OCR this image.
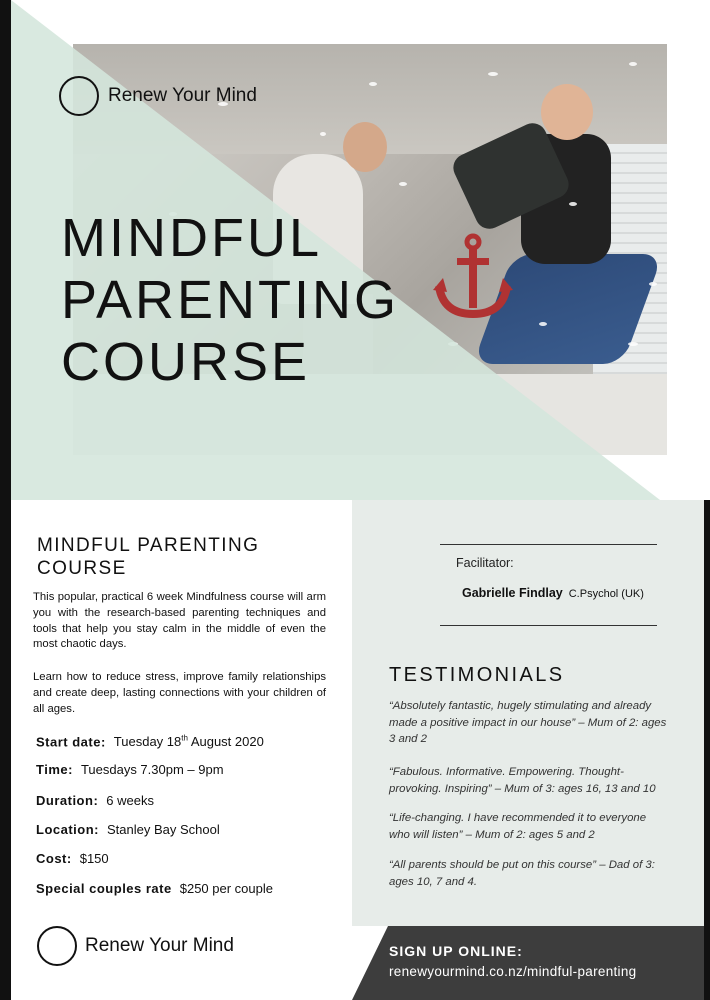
Renew Your Mind
MINDFUL
PARENTING
COURSE
MINDFUL PARENTING
COURSE
This popular, practical 6 week Mindfulness course will arm you with the research-based parenting techniques and tools that help you stay calm in the middle of even the most chaotic days.
Learn how to reduce stress, improve family relationships and create deep, lasting connections with your children of all ages.
Start date: Tuesday 18th August 2020
Time: Tuesdays 7.30pm – 9pm
Duration: 6 weeks
Location: Stanley Bay School
Cost: $150
Special couples rate $250 per couple
Renew Your Mind
Facilitator:
Gabrielle Findlay C.Psychol (UK)
TESTIMONIALS
“Absolutely fantastic, hugely stimulating and already made a positive impact in our house” – Mum of 2: ages 3 and 2
“Fabulous. Informative. Empowering. Thought-provoking. Inspiring” – Mum of 3: ages 16, 13 and 10
“Life-changing. I have recommended it to everyone who will listen” – Mum of 2: ages 5 and 2
“All parents should be put on this course” – Dad of 3: ages 10, 7 and 4.
SIGN UP ONLINE:
renewyourmind.co.nz/mindful-parenting
